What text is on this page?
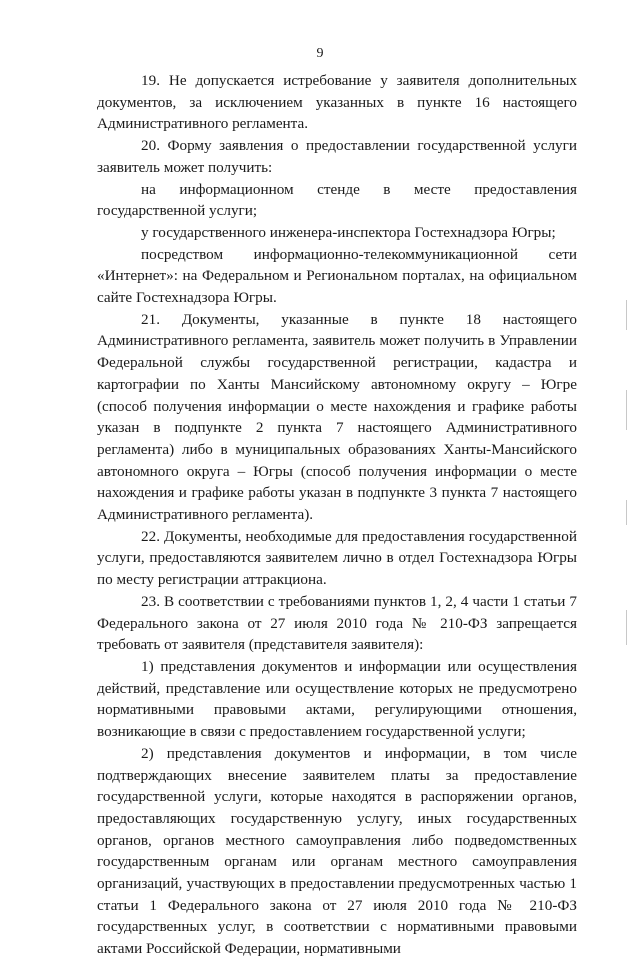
9

19. Не допускается истребование у заявителя дополнительных документов, за исключением указанных в пункте 16 настоящего Административного регламента.

20. Форму заявления о предоставлении государственной услуги заявитель может получить:

на информационном стенде в месте предоставления государственной услуги;

у государственного инженера-инспектора Гостехнадзора Югры;

посредством информационно-телекоммуникационной сети «Интернет»: на Федеральном и Региональном порталах, на официальном сайте Гостехнадзора Югры.

21. Документы, указанные в пункте 18 настоящего Административного регламента, заявитель может получить в Управлении Федеральной службы государственной регистрации, кадастра и картографии по Ханты Мансийскому автономному округу – Югре (способ получения информации о месте нахождения и графике работы указан в подпункте 2 пункта 7 настоящего Административного регламента) либо в муниципальных образованиях Ханты-Мансийского автономного округа – Югры (способ получения информации о месте нахождения и графике работы указан в подпункте 3 пункта 7 настоящего Административного регламента).

22. Документы, необходимые для предоставления государственной услуги, предоставляются заявителем лично в отдел Гостехнадзора Югры по месту регистрации аттракциона.

23. В соответствии с требованиями пунктов 1, 2, 4 части 1 статьи 7 Федерального закона от 27 июля 2010 года № 210-ФЗ запрещается требовать от заявителя (представителя заявителя):

1) представления документов и информации или осуществления действий, представление или осуществление которых не предусмотрено нормативными правовыми актами, регулирующими отношения, возникающие в связи с предоставлением государственной услуги;

2) представления документов и информации, в том числе подтверждающих внесение заявителем платы за предоставление государственной услуги, которые находятся в распоряжении органов, предоставляющих государственную услугу, иных государственных органов, органов местного самоуправления либо подведомственных государственным органам или органам местного самоуправления организаций, участвующих в предоставлении предусмотренных частью 1 статьи 1 Федерального закона от 27 июля 2010 года № 210-ФЗ государственных услуг, в соответствии с нормативными правовыми актами Российской Федерации, нормативными
